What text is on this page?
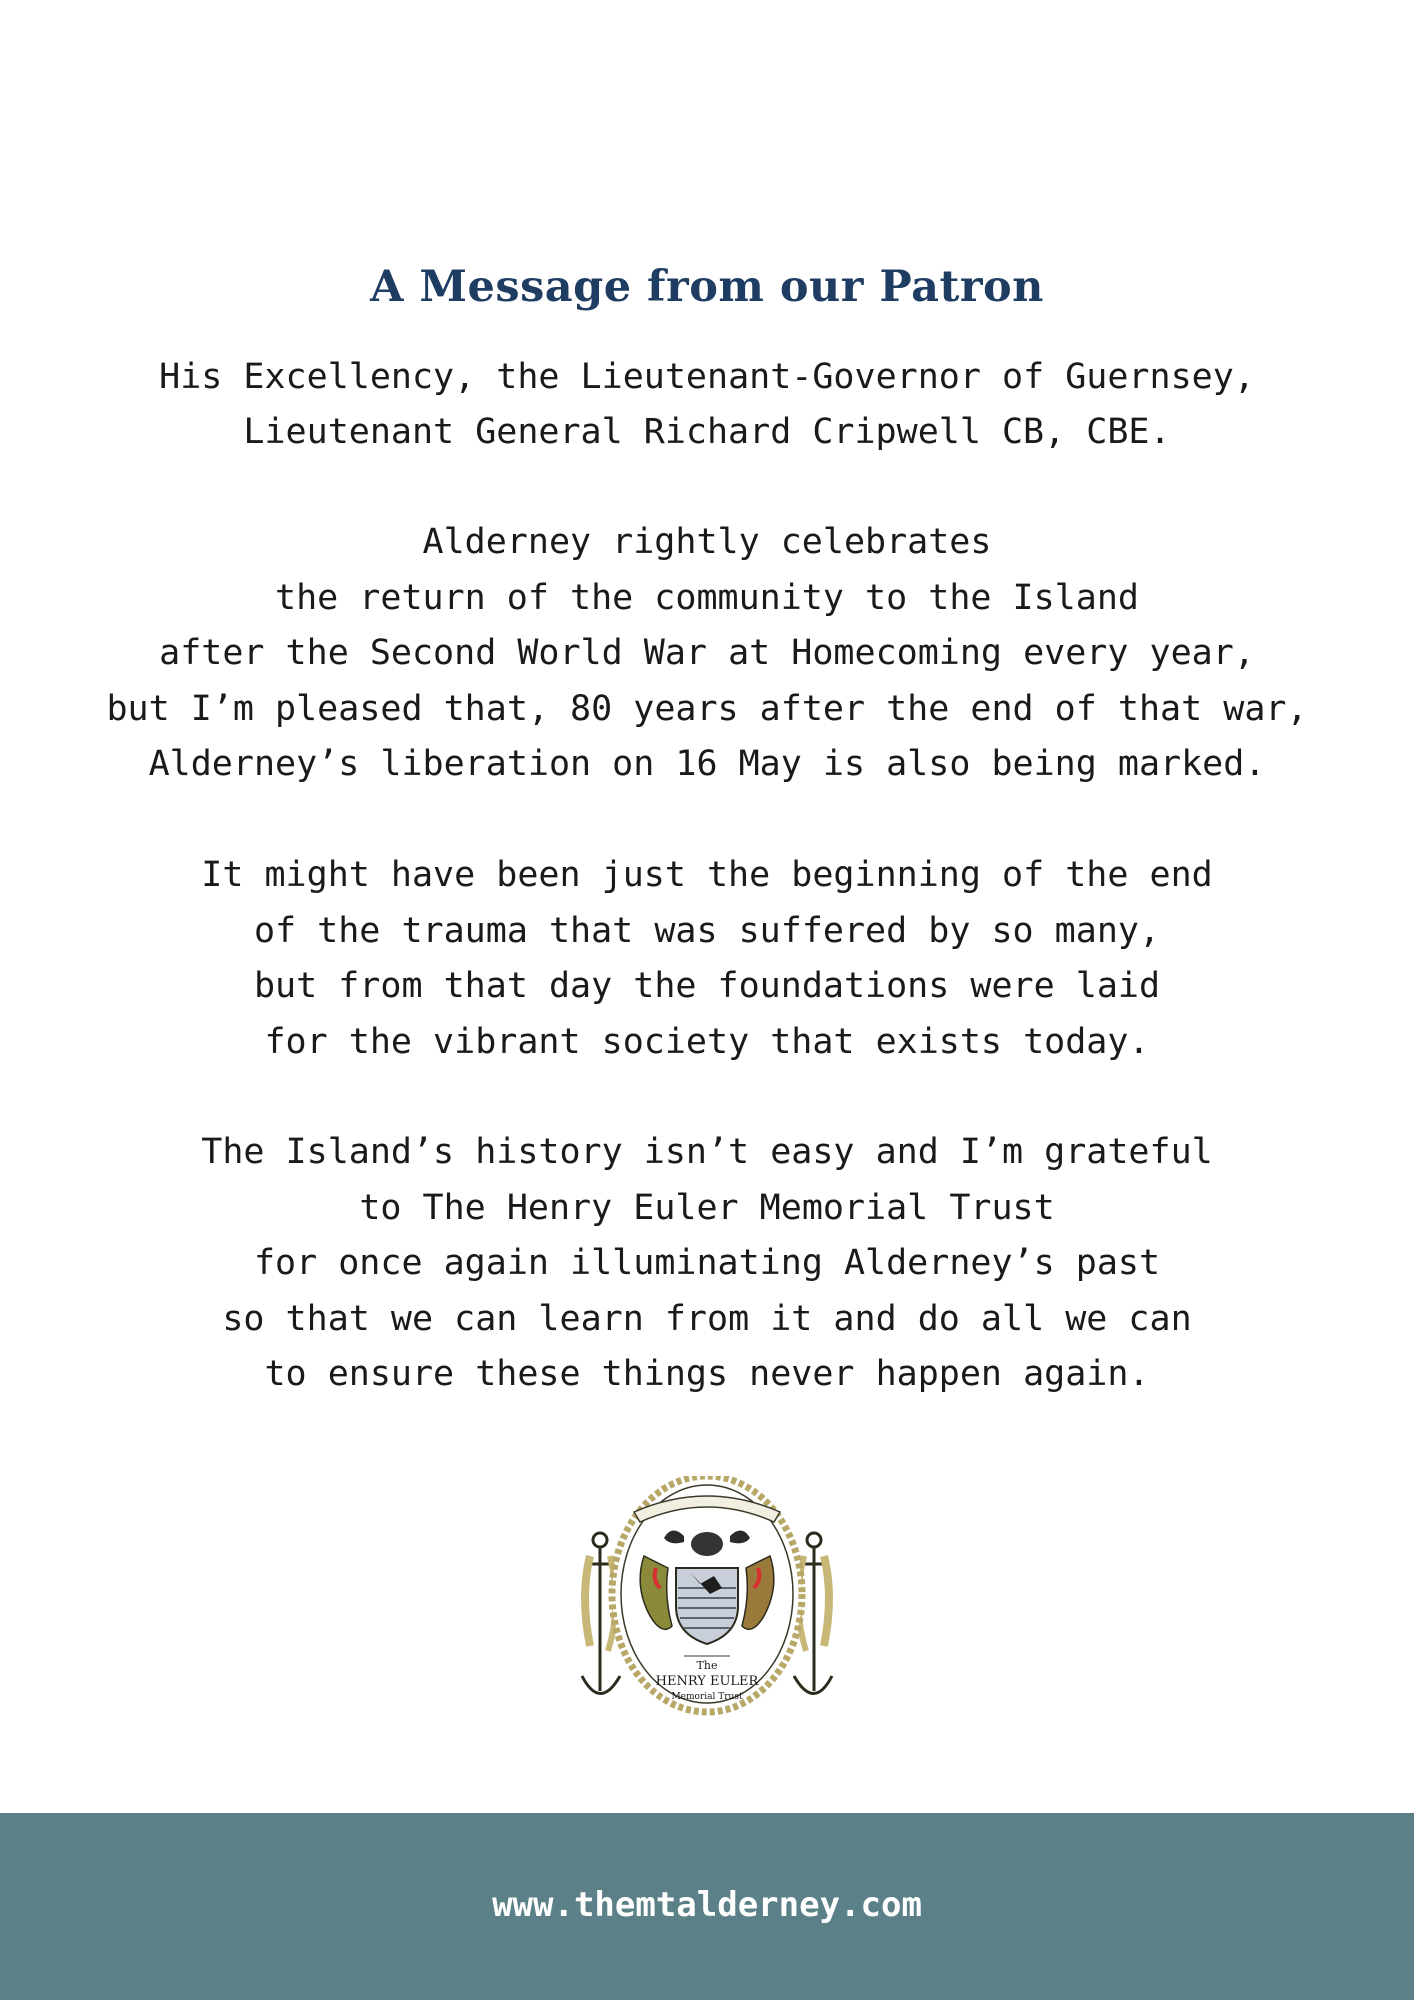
A Message from our Patron
His Excellency, the Lieutenant-Governor of Guernsey,
Lieutenant General Richard Cripwell CB, CBE.
Alderney rightly celebrates
the return of the community to the Island
after the Second World War at Homecoming every year,
but I’m pleased that, 80 years after the end of that war,
Alderney’s liberation on 16 May is also being marked.
It might have been just the beginning of the end
of the trauma that was suffered by so many,
but from that day the foundations were laid
for the vibrant society that exists today.
The Island’s history isn’t easy and I’m grateful
to The Henry Euler Memorial Trust
for once again illuminating Alderney’s past
so that we can learn from it and do all we can
to ensure these things never happen again.
The
HENRY EULER
Memorial Trust
www.themtalderney.com
